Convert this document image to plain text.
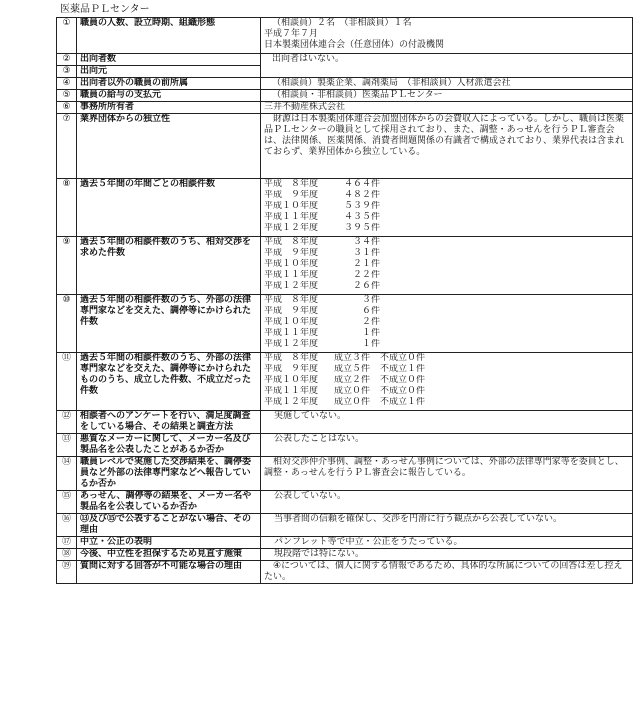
医薬品ＰＬセンター
①	職員の人数、設立時期、組織形態	（相談員）２名　（非相談員）１名
平成７年７月
日本製薬団体連合会（任意団体）の付設機関

②	出向者数	出向者はいない。

③	出向元
④	出向者以外の職員の前所属	（相談員）製薬企業、調剤薬局　（非相談員）人材派遣会社

⑤	職員の給与の支払元	（相談員・非相談員）医薬品ＰＬセンター

⑥	事務所所有者	三井不動産株式会社

⑦	業界団体からの独立性	財源は日本製薬団体連合会加盟団体からの会費収入によっている。しかし、職員は医薬品ＰＬセンターの職員として採用されており、また、調整・あっせんを行うＰＬ審査会は、法律関係、医薬関係、消費者問題関係の有識者で構成されており、業界代表は含まれておらず、業界団体から独立している。
⑧	過去５年間の年間ごとの相談件数		平成　８年度	４６４件	
平成　９年度	４８２件	
平成１０年度	５３９件	
平成１１年度	４３５件	
平成１２年度	３９５件	

⑨	過去５年間の相談件数のうち、相対交渉を求めた件数	
平成　８年度	３４件	
平成　９年度	３１件	
平成１０年度	２１件	
平成１１年度	２２件	
平成１２年度	２６件	

⑩	過去５年間の相談件数のうち、外部の法律専門家などを交えた、調停等にかけられた件数	
平成　８年度	３件	
平成　９年度	６件	
平成１０年度	２件	
平成１１年度	１件	
平成１２年度	１件	

⑪	過去５年間の相談件数のうち、外部の法律専門家などを交えた、調停等にかけられたもののうち、成立した件数、不成立だった件数	
平成　８年度	成立３件	不成立０件	
平成　９年度	成立５件	不成立１件	
平成１０年度	成立２件	不成立０件	
平成１１年度	成立０件	不成立０件	
平成１２年度	成立０件	不成立１件	

⑫	相談者へのアンケートを行い、満足度調査をしている場合、その結果と調査方法	
実施していない。

⑬	悪質なメーカーに関して、メーカー名及び製品名を公表したことがあるか否か	
公表したことはない。

⑭	職員レベルで実施した交渉結果を、調停委員など外部の法律専門家などへ報告しているか否か	相対交渉仲介事例、調整・あっせん事例については、外部の法律専門家等を委員とし、調整・あっせんを行うＰＬ審査会に報告している。
⑮	あっせん、調停等の結果を、メーカー名や製品名を公表しているか否か	
公表していない。

⑯	⑬及び⑮で公表することがない場合、その理由	
当事者間の信頼を確保し、交渉を円滑に行う観点から公表していない。

⑰	中立・公正の表明	パンフレット等で中立・公正をうたっている。

⑱	今後、中立性を担保するため見直す施策	現段階では特にない。

⑲	質問に対する回答が不可能な場合の理由	④については、個人に関する情報であるため、具体的な所属についての回答は差し控えたい。
